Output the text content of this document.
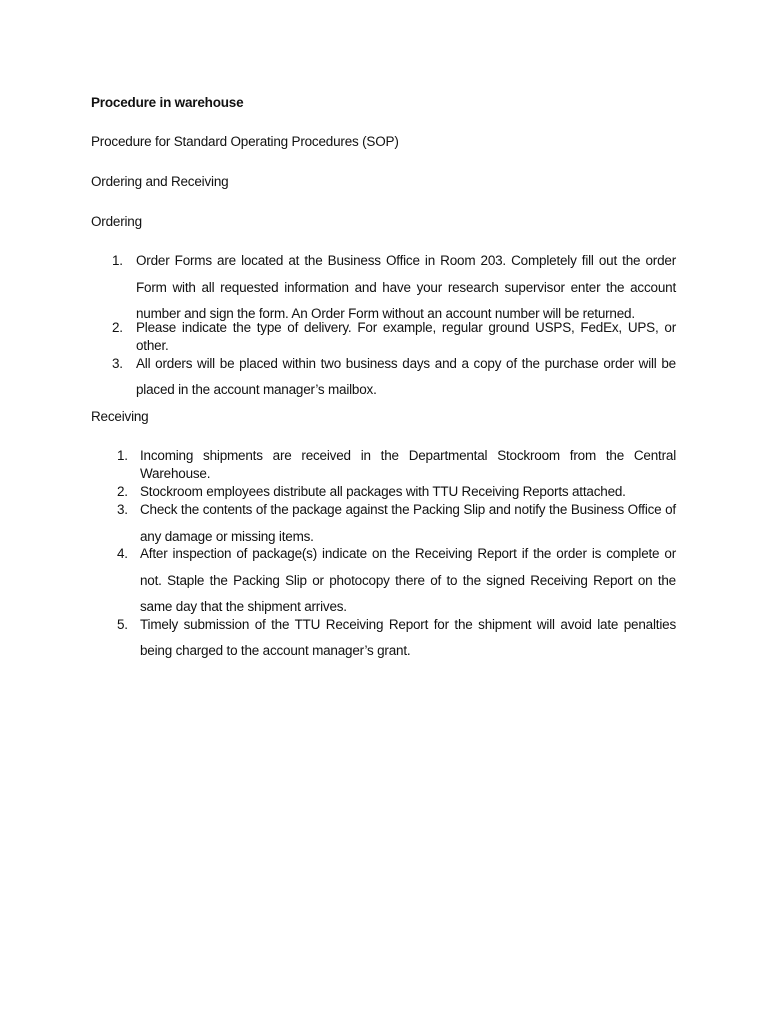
Procedure in warehouse
Procedure for Standard Operating Procedures (SOP)
Ordering and Receiving
Ordering
1. Order Forms are located at the Business Office in Room 203. Completely fill out the order Form with all requested information and have your research supervisor enter the account number and sign the form. An Order Form without an account number will be returned.
2. Please indicate the type of delivery. For example, regular ground USPS, FedEx, UPS, or other.
3. All orders will be placed within two business days and a copy of the purchase order will be placed in the account manager’s mailbox.
Receiving
1. Incoming shipments are received in the Departmental Stockroom from the Central Warehouse.
2. Stockroom employees distribute all packages with TTU Receiving Reports attached.
3. Check the contents of the package against the Packing Slip and notify the Business Office of any damage or missing items.
4. After inspection of package(s) indicate on the Receiving Report if the order is complete or not. Staple the Packing Slip or photocopy there of to the signed Receiving Report on the same day that the shipment arrives.
5. Timely submission of the TTU Receiving Report for the shipment will avoid late penalties being charged to the account manager’s grant.
